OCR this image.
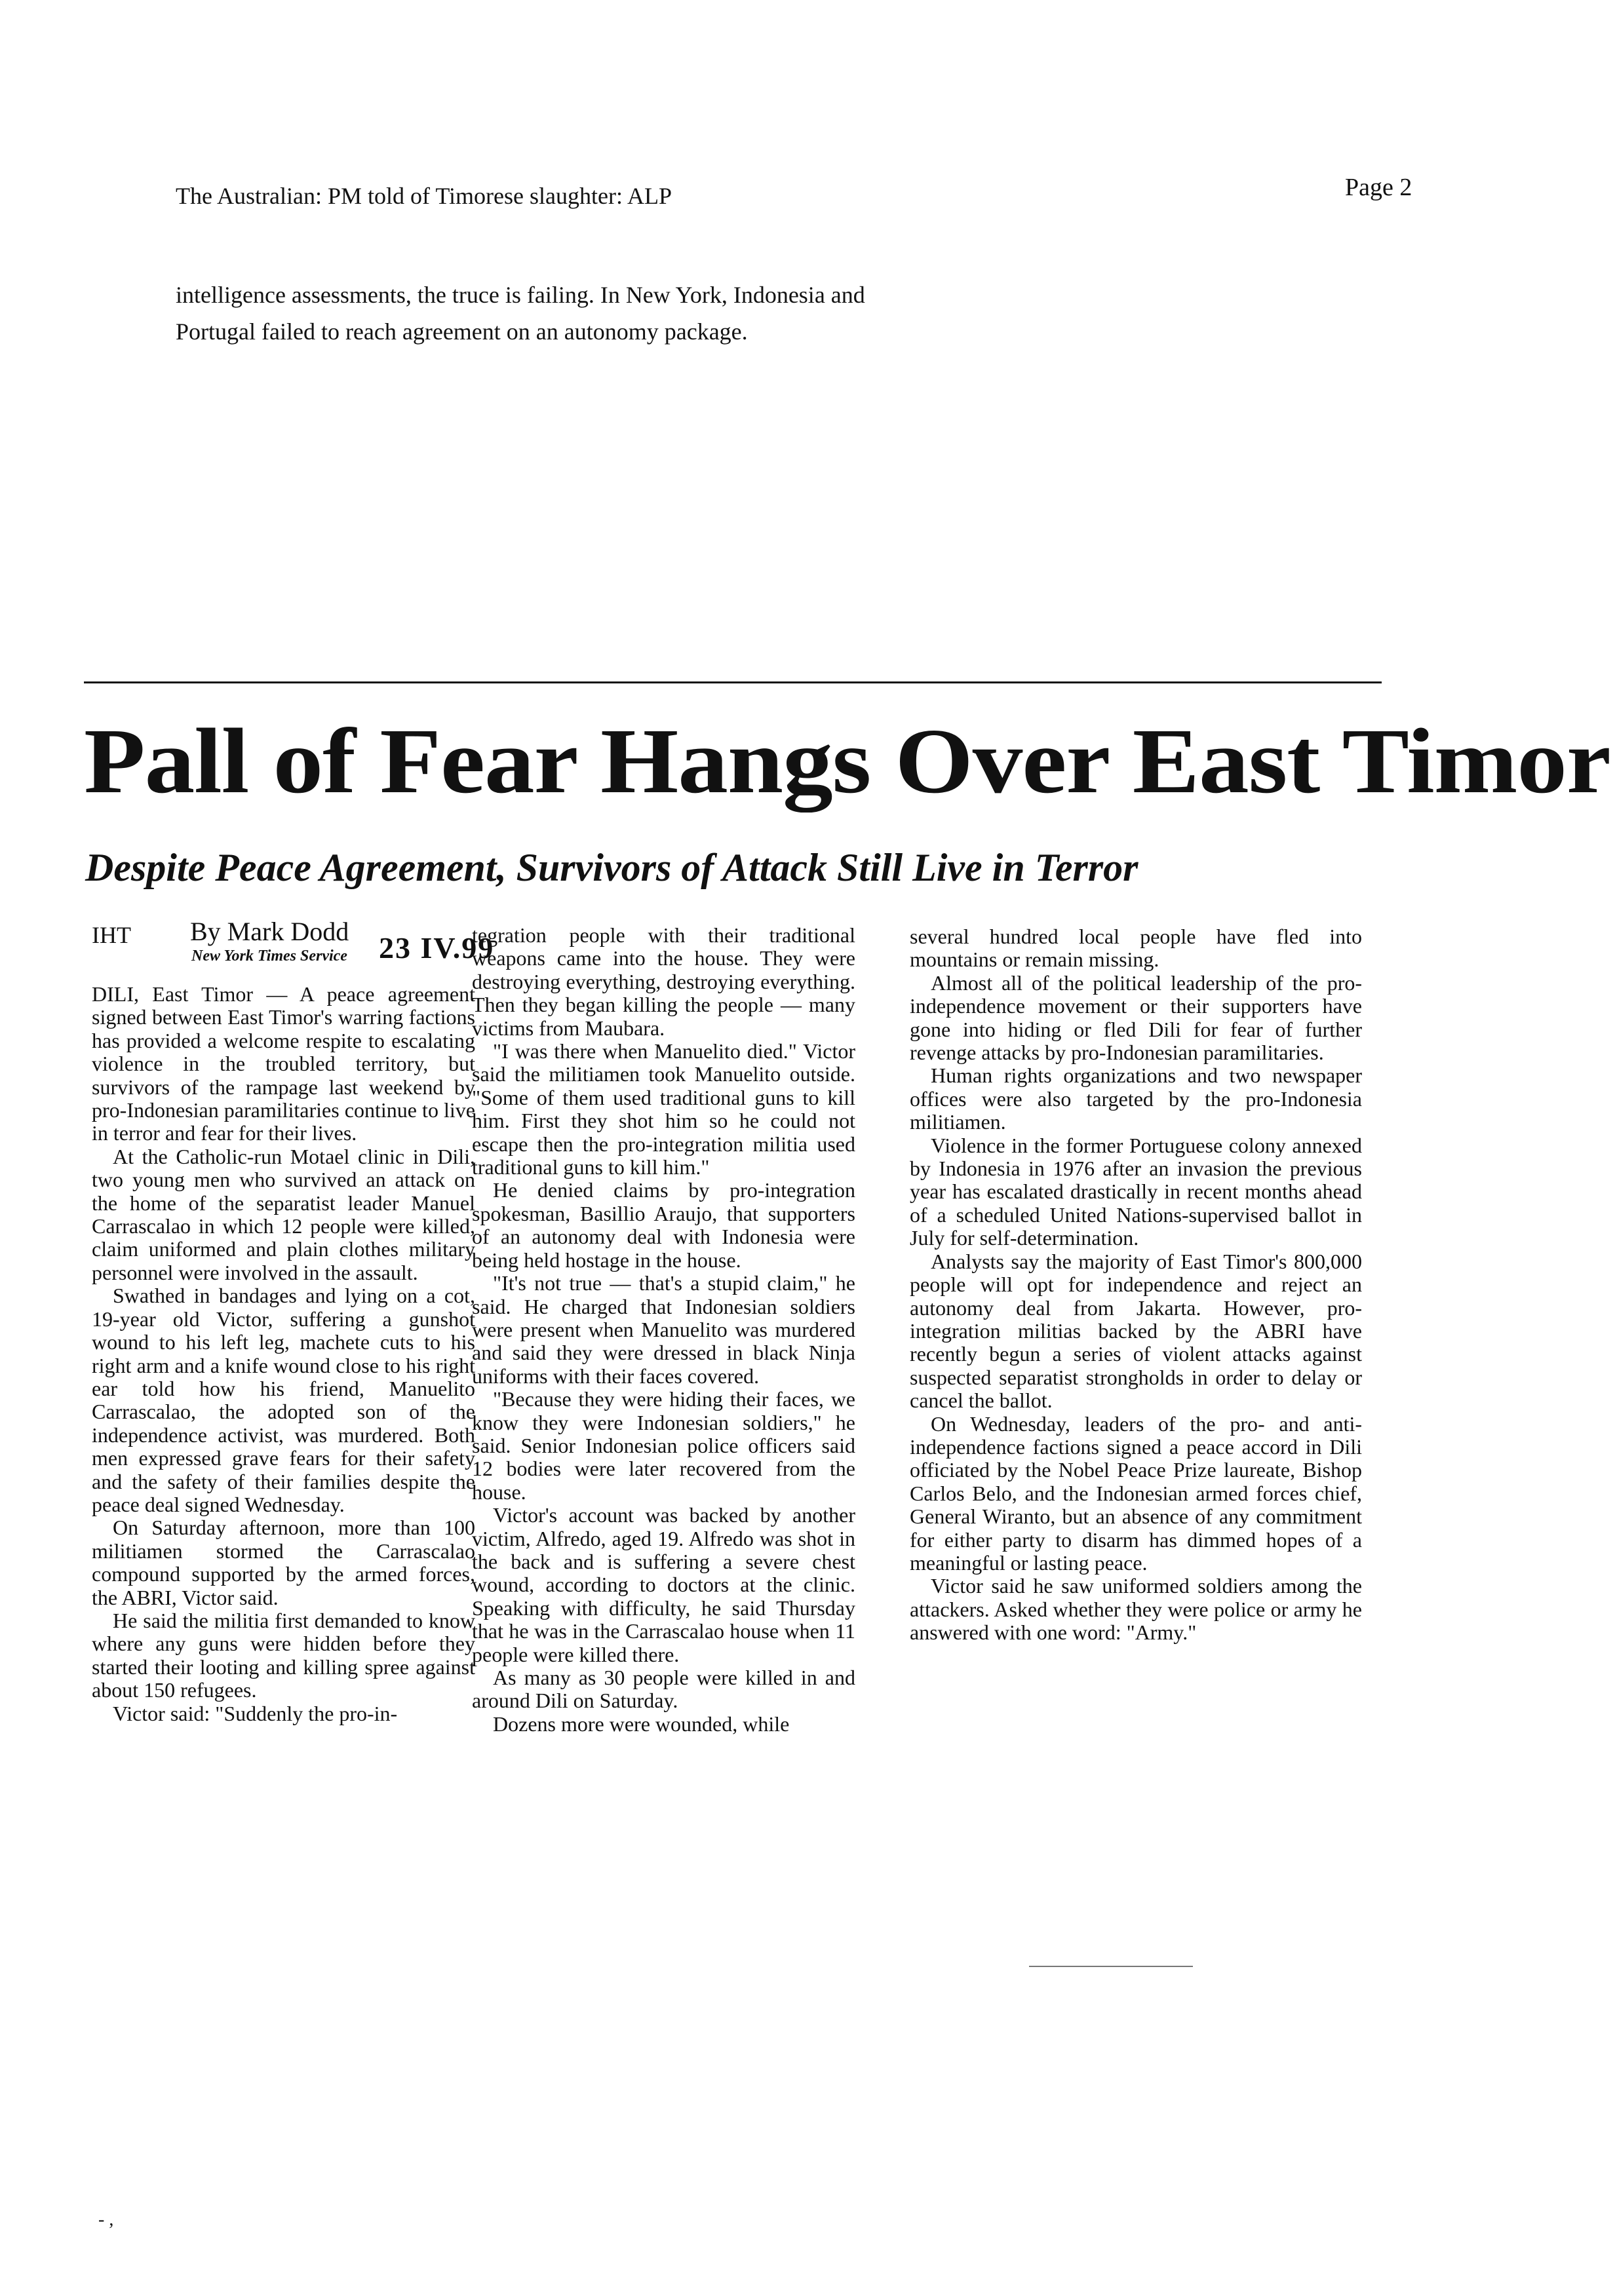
The Australian: PM told of Timorese slaughter: ALP	Page 2

intelligence assessments, the truce is failing. In New York, Indonesia and

Portugal failed to reach agreement on an autonomy package.

Pall of Fear Hangs Over East Timor
Despite Peace Agreement, Survivors of Attack Still Live in Terror
IHT By Mark Dodd
New York Times Service 23 IV.99

DILI, East Timor — A peace agreement signed between East Timor's warring factions has provided a welcome respite to escalating violence in the troubled territory, but survivors of the rampage last weekend by pro-Indonesian paramilitaries continue to live in terror and fear for their lives.

At the Catholic-run Motael clinic in Dili, two young men who survived an attack on the home of the separatist leader Manuel Carrascalao in which 12 people were killed, claim uniformed and plain clothes military personnel were involved in the assault.

Swathed in bandages and lying on a cot, 19-year old Victor, suffering a gunshot wound to his left leg, machete cuts to his right arm and a knife wound close to his right ear told how his friend, Manuelito Carrascalao, the adopted son of the independence activist, was murdered. Both men expressed grave fears for their safety and the safety of their families despite the peace deal signed Wednesday.

On Saturday afternoon, more than 100 militiamen stormed the Carrascalao compound supported by the armed forces, the ABRI, Victor said.

He said the militia first demanded to know where any guns were hidden before they started their looting and killing spree against about 150 refugees.

Victor said: "Suddenly the pro-in-

tegration people with their traditional weapons came into the house. They were destroying everything, destroying everything. Then they began killing the people — many victims from Maubara.

"I was there when Manuelito died." Victor said the militiamen took Manuelito outside. "Some of them used traditional guns to kill him. First they shot him so he could not escape then the pro-integration militia used traditional guns to kill him."

He denied claims by pro-integration spokesman, Basillio Araujo, that supporters of an autonomy deal with Indonesia were being held hostage in the house.

"It's not true — that's a stupid claim," he said. He charged that Indonesian soldiers were present when Manuelito was murdered and said they were dressed in black Ninja uniforms with their faces covered.

"Because they were hiding their faces, we know they were Indonesian soldiers," he said. Senior Indonesian police officers said 12 bodies were later recovered from the house.

Victor's account was backed by another victim, Alfredo, aged 19. Alfredo was shot in the back and is suffering a severe chest wound, according to doctors at the clinic. Speaking with difficulty, he said Thursday that he was in the Carrascalao house when 11 people were killed there.

As many as 30 people were killed in and around Dili on Saturday.

Dozens more were wounded, while

several hundred local people have fled into mountains or remain missing.

Almost all of the political leadership of the pro-independence movement or their supporters have gone into hiding or fled Dili for fear of further revenge attacks by pro-Indonesian paramilitaries.

Human rights organizations and two newspaper offices were also targeted by the pro-Indonesia militiamen.

Violence in the former Portuguese colony annexed by Indonesia in 1976 after an invasion the previous year has escalated drastically in recent months ahead of a scheduled United Nations-supervised ballot in July for self-determination.

Analysts say the majority of East Timor's 800,000 people will opt for independence and reject an autonomy deal from Jakarta. However, pro-integration militias backed by the ABRI have recently begun a series of violent attacks against suspected separatist strongholds in order to delay or cancel the ballot.

On Wednesday, leaders of the pro- and anti-independence factions signed a peace accord in Dili officiated by the Nobel Peace Prize laureate, Bishop Carlos Belo, and the Indonesian armed forces chief, General Wiranto, but an absence of any commitment for either party to disarm has dimmed hopes of a meaningful or lasting peace.

Victor said he saw uniformed soldiers among the attackers. Asked whether they were police or army he answered with one word: "Army."

- ,
